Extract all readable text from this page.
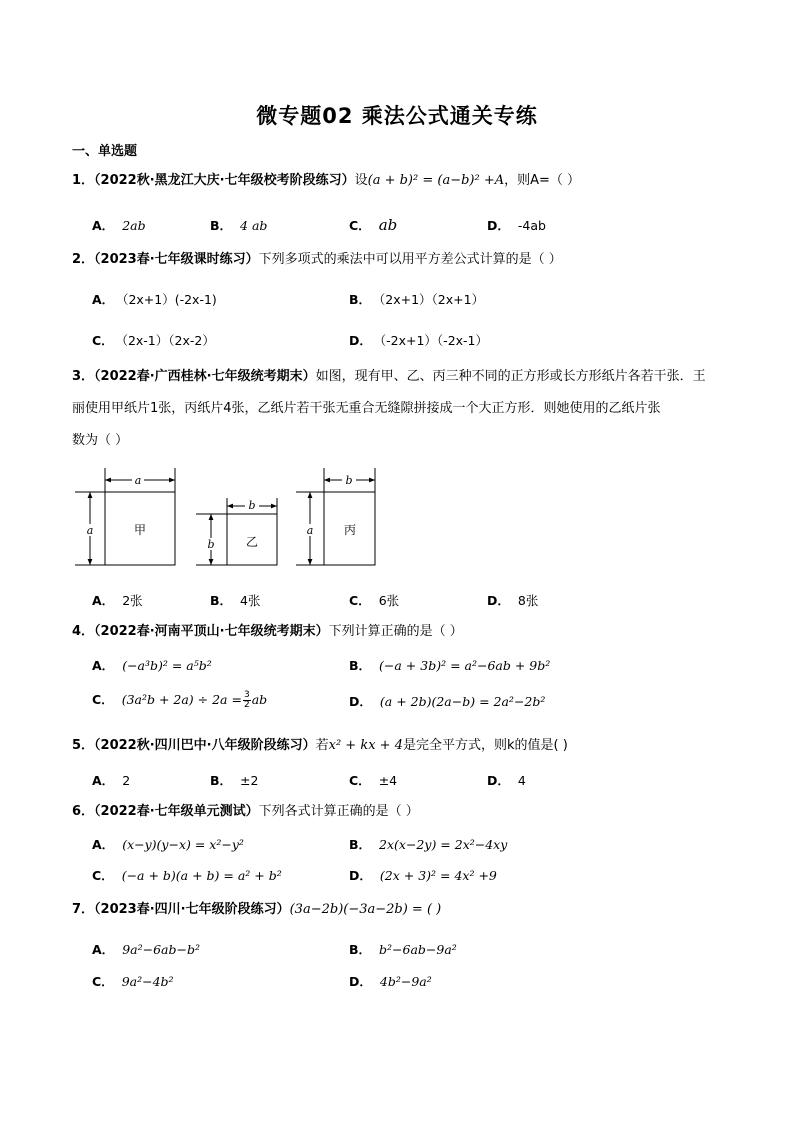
微专题02 乘法公式通关专练
一、单选题
1．（2022秋·黑龙江大庆·七年级校考阶段练习）设(a + b)² = (a−b)² +A，则A=（ ）
A． 2ab	B． 4 ab	C． ab	D． -4ab
2．（2023春·七年级课时练习）下列多项式的乘法中可以用平方差公式计算的是（ ）
A． （2x+1）(-2x-1)	B． （2x+1）（2x+1）
C． （2x-1）（2x-2）	D． （-2x+1）（-2x-1）
3．（2022春·广西桂林·七年级统考期末）如图，现有甲、乙、丙三种不同的正方形或长方形纸片各若干张．王
丽使用甲纸片1张，丙纸片4张，乙纸片若干张无重合无缝隙拼接成一个大正方形．则她使用的乙纸片张
数为（ ）
a
a	甲
b
b	乙
b
a	丙
A． 2张	B． 4张	C． 6张	D． 8张
4．（2022春·河南平顶山·七年级统考期末）下列计算正确的是（ ）
A． (−a³b)² = a⁵b²	B． (−a + 3b)² = a²−6ab + 9b²
C． $(3a^2b + 2a) \div 2a = \frac{3}{2}$ ab	D． (a + 2b)(2a−b) = 2a²−2b²
5．（2022秋·四川巴中·八年级阶段练习）若x² + kx + 4是完全平方式，则k的值是( )
A． 2	B． ±2	C． ±4	D． 4
6．（2022春·七年级单元测试）下列各式计算正确的是（ ）
A． (x−y)(y−x) = x²−y²	B． 2x(x−2y) = 2x²−4xy
C． (−a + b)(a + b) = a² + b²	D． (2x + 3)² = 4x² +9
7．（2023春·四川·七年级阶段练习）(3a−2b)(−3a−2b) = ( )
A． 9a²−6ab−b²	B． b²−6ab−9a²
C． 9a²−4b²	D． 4b²−9a²
